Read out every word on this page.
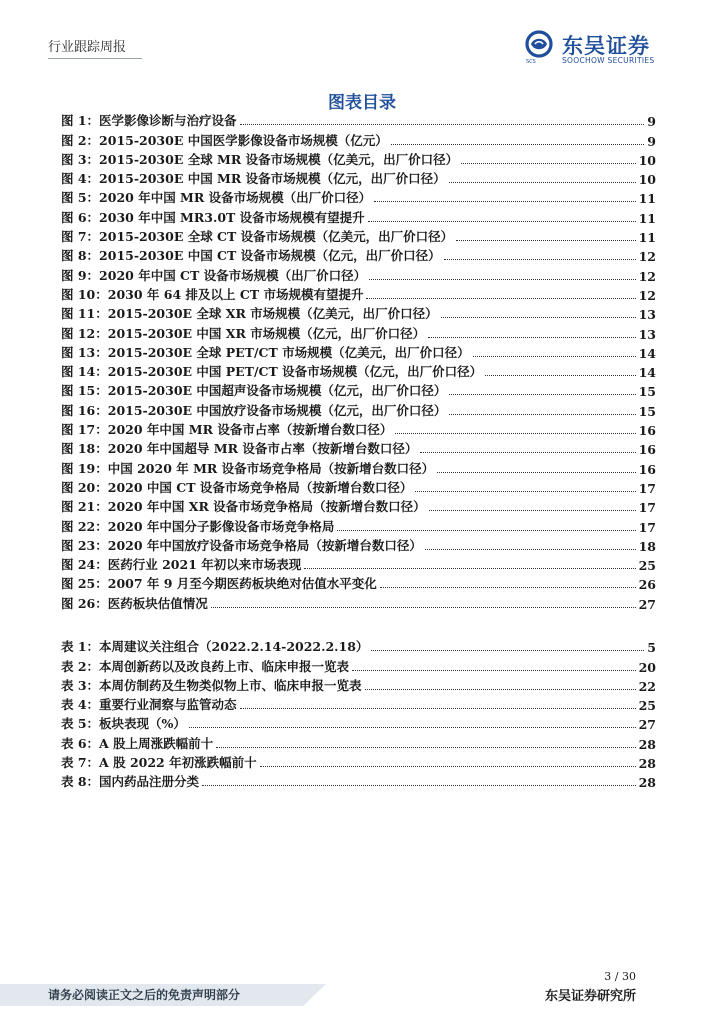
行业跟踪周报
SCS
东吴证券
SOOCHOW SECURITIES
图表目录
图 1：医学影像诊断与治疗设备	9
图 2：2015-2030E 中国医学影像设备市场规模（亿元）	9
图 3：2015-2030E 全球 MR 设备市场规模（亿美元，出厂价口径）	10
图 4：2015-2030E 中国 MR 设备市场规模（亿元，出厂价口径）	10
图 5：2020 年中国 MR 设备市场规模（出厂价口径）	11
图 6：2030 年中国 MR3.0T 设备市场规模有望提升	11
图 7：2015-2030E 全球 CT 设备市场规模（亿美元，出厂价口径）	11
图 8：2015-2030E 中国 CT 设备市场规模（亿元，出厂价口径）	12
图 9：2020 年中国 CT 设备市场规模（出厂价口径）	12
图 10：2030 年 64 排及以上 CT 市场规模有望提升	12
图 11：2015-2030E 全球 XR 市场规模（亿美元，出厂价口径）	13
图 12：2015-2030E 中国 XR 市场规模（亿元，出厂价口径）	13
图 13：2015-2030E 全球 PET/CT 市场规模（亿美元，出厂价口径）	14
图 14：2015-2030E 中国 PET/CT 设备市场规模（亿元，出厂价口径）	14
图 15：2015-2030E 中国超声设备市场规模（亿元，出厂价口径）	15
图 16：2015-2030E 中国放疗设备市场规模（亿元，出厂价口径）	15
图 17：2020 年中国 MR 设备市占率（按新增台数口径）	16
图 18：2020 年中国超导 MR 设备市占率（按新增台数口径）	16
图 19：中国 2020 年 MR 设备市场竞争格局（按新增台数口径）	16
图 20：2020 中国 CT 设备市场竞争格局（按新增台数口径）	17
图 21：2020 年中国 XR 设备市场竞争格局（按新增台数口径）	17
图 22：2020 年中国分子影像设备市场竞争格局	17
图 23：2020 年中国放疗设备市场竞争格局（按新增台数口径）	18
图 24：医药行业 2021 年初以来市场表现	25
图 25：2007 年 9 月至今期医药板块绝对估值水平变化	26
图 26：医药板块估值情况	27
表 1：本周建议关注组合（2022.2.14-2022.2.18）	5
表 2：本周创新药以及改良药上市、临床申报一览表	20
表 3：本周仿制药及生物类似物上市、临床申报一览表	22
表 4：重要行业洞察与监管动态	25
表 5：板块表现（%）	27
表 6：A 股上周涨跌幅前十	28
表 7：A 股 2022 年初涨跌幅前十	28
表 8：国内药品注册分类	28
3 / 30
请务必阅读正文之后的免责声明部分	东吴证券研究所
